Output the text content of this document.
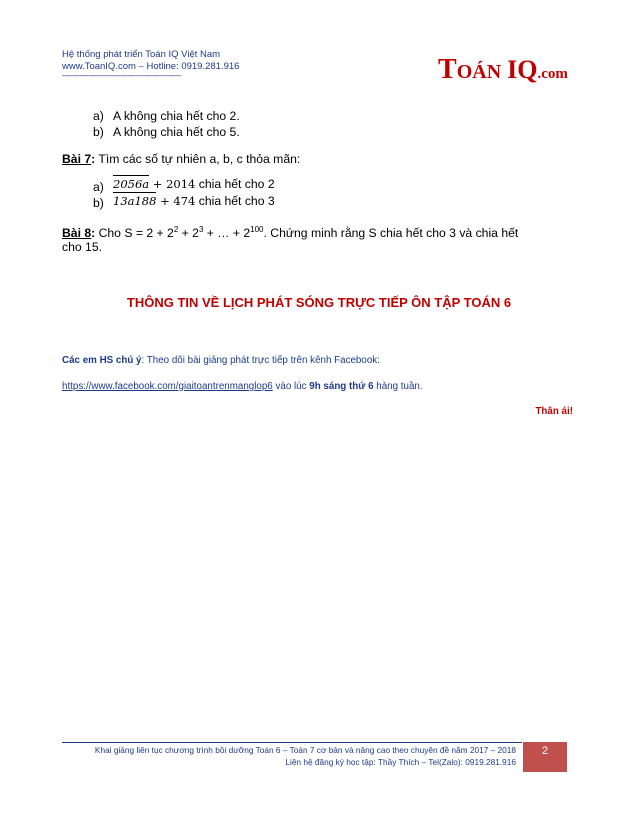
Hệ thống phát triển Toán IQ Việt Nam
www.ToanIQ.com – Hotline: 0919.281.916
-------------------------------------------------------	TOÁN IQ.com
a) A không chia hết cho 2.
b) A không chia hết cho 5.
Bài 7: Tìm các số tự nhiên a, b, c thỏa mãn:
a) 2056a + 2014 chia hết cho 2
b) 13a188 + 474 chia hết cho 3
Bài 8: Cho $S = 2 + 2^2 + 2^3$ + … + $2^{100}$. Chứng minh rằng S chia hết cho 3 và chia hết
cho 15.
THÔNG TIN VỀ LỊCH PHÁT SÓNG TRỰC TIẾP ÔN TẬP TOÁN 6
Các em HS chú ý: Theo dõi bài giảng phát trực tiếp trên kênh Facebook:
https://www.facebook.com/giaitoantrenmanglop6 vào lúc 9h sáng thứ 6 hàng tuần.
Thân ái!
Khai giảng liên tục chương trình bồi dưỡng Toán 6 – Toán 7 cơ bản và nâng cao theo chuyên đề năm 2017 – 2018
Liên hệ đăng ký học tập: Thầy Thích – Tel(Zalo): 0919.281.916
2
